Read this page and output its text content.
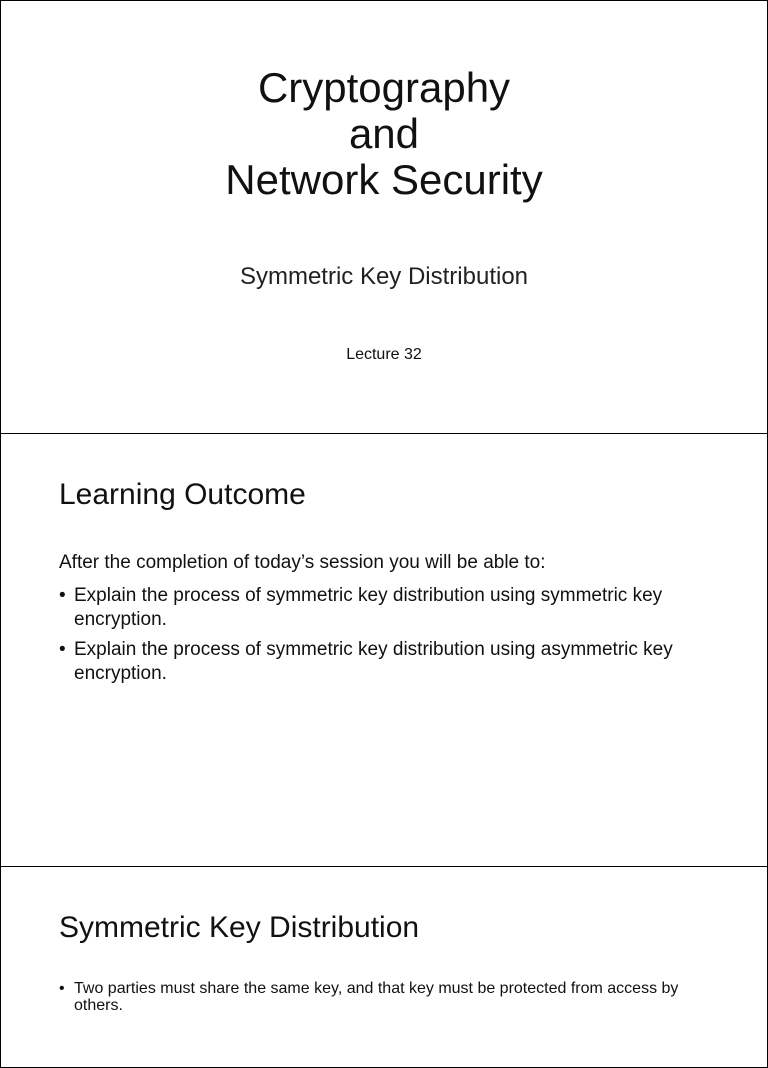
Cryptography
and
Network Security
Symmetric Key Distribution
Lecture 32
Learning Outcome
After the completion of today’s session you will be able to:
• Explain the process of symmetric key distribution using symmetric key encryption.
• Explain the process of symmetric key distribution using asymmetric key encryption.
Symmetric Key Distribution
• Two parties must share the same key, and that key must be protected from access by others.
